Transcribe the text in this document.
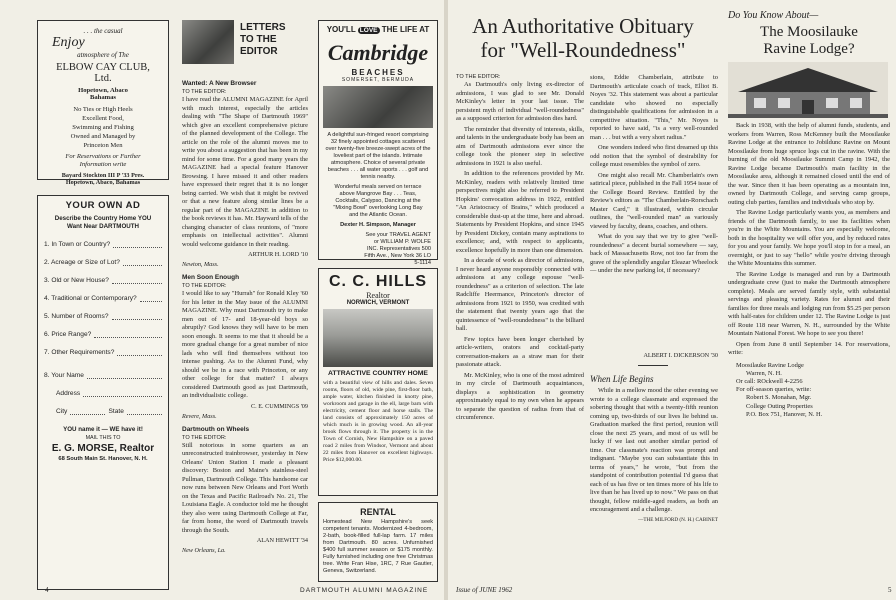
. . . the casual
Enjoy
atmosphere of The
ELBOW CAY CLUB, Ltd.
Hopetown, Abaco
Bahamas
No Ties or High Heels
Excellent Food,
Swimming and Fishing
Owned and Managed by
Princeton Men
For Reservations or Further Information write
Bayard Stockton III P '33 Pres.
Hopetown, Abaco, Bahamas
YOUR OWN AD
Describe the Country Home YOU Want Near DARTMOUTH
1. In Town or Country?
2. Acreage or Size of Lot?
3. Old or New House?
4. Traditional or Contemporary?
5. Number of Rooms?
6. Price Range?
7. Other Requirements?
8. Your Name
Address
City	State
YOU name it — WE have it!
MAIL THIS TO
E. G. MORSE, Realtor
68 South Main St. Hanover, N. H.
LETTERS
TO THE
EDITOR
Wanted: A New Browser
TO THE EDITOR:

I have read the ALUMNI MAGAZINE for April with much interest, especially the articles dealing with "The Shape of Dartmouth 1969" which give an excellent comprehensive picture of the planned development of the College. The article on the role of the alumni moves me to write you about a suggestion that has been in my mind for some time. For a good many years the MAGAZINE had a special feature Hanover Browsing. I have missed it and other readers have expressed their regret that it is no longer being carried. We wish that it might be revived or that a new feature along similar lines be a regular part of the MAGAZINE in addition to the book reviews it has. Mr. Hayward tells of the changing character of class reunions, of "more emphasis on intellectual activities". Alumni would welcome guidance in their reading.

ARTHUR H. LORD '10
Newton, Mass.
Men Soon Enough
TO THE EDITOR:

I would like to say "Hurrah" for Ronald Kley '60 for his letter in the May issue of the ALUMNI MAGAZINE. Why must Dartmouth try to make men out of 17- and 18-year-old boys so abruptly? God knows they will have to be men soon enough. It seems to me that it should be a more gradual change for a great number of nice lads who will find themselves without too intense pushing. As to the Alumni Fund, why should we be in a race with Princeton, or any other college for that matter? I always considered Dartmouth good as just Dartmouth, an individualistic college.

C. E. CUMMINGS '09
Revere, Mass.
Dartmouth on Wheels
TO THE EDITOR:

Still notorious in some quarters as an unreconstructed trainbrowser, yesterday in New Orleans' Union Station I made a pleasant discovery: Boston and Maine's stainless-steel Pullman, Dartmouth College. This handsome car now runs between New Orleans and Fort Worth on the Texas and Pacific Railroad's No. 21, The Louisiana Eagle. A conductor told me he thought they also were using Dartmouth College at Far, far from home, the word of Dartmouth travels through the South.

ALAN HEWITT '34
New Orleans, La.
YOU'LL LOVE THE LIFE AT
Cambridge
BEACHES
SOMERSET, BERMUDA
A delightful sun-fringed resort comprising 32 finely appointed cottages scattered over twenty-five breeze-swept acres of the loveliest part of the islands. Intimate atmosphere. Choice of several private beaches . . . all water sports . . . golf and tennis nearby.
Wonderful meals served on terrace above Mangrove Bay . . . Teas, Cocktails, Calypso, Dancing at the "Mixing Bowl" overlooking Long Bay and the Atlantic Ocean.
Dexter H. Simpson, Manager
See your TRAVEL AGENT or WILLIAM P. WOLFE INC. Representatives 500 Fifth Ave., New York 36 LO 5-1114
C. C. HILLS
Realtor
NORWICH, VERMONT
ATTRACTIVE COUNTRY HOME
with a beautiful view of hills and dales. Seven rooms, floors of old, wide pine, first-floor bath, ample water, kitchen finished in knotty pine, workroom and garage in the ell, large barn with electricity, cement floor and horse stalls. The land consists of approximately 150 acres of which much is in growing wood. An all-year brook flows through it. The property is in the Town of Cornish, New Hampshire on a paved road 2 miles from Windsor, Vermont and about 22 miles from Hanover on excellent highways. Price $12,000.00.
RENTAL
Homestead New Hampshire's seek competent tenants. Modernized 4-bedroom, 2-bath, book-filled full-lap farm. 17 miles from Dartmouth. 80 acres. Unfurnished $400 full summer season or $175 monthly. Fully furnished including one free Christmas tree. Write Fran Hise, 1RC, 7 Rue Gautier, Geneva, Switzerland.
4	DARTMOUTH ALUMNI MAGAZINE
An Authoritative Obituary
for "Well-Roundedness"
TO THE EDITOR:

As Dartmouth's only living ex-director of admissions, I was glad to see Mr. Donald McKinley's letter in your last issue. The persistent myth of individual "well-roundedness" as a supposed criterion for admission dies hard.

The reminder that diversity of interests, skills, and talents in the undergraduate body has been an aim of Dartmouth admissions ever since the college took the pioneer step in selective admissions in 1921 is also useful.

In addition to the references provided by Mr. McKinley, readers with relatively limited time perspectives might also be referred to President Hopkins' convocation address in 1922, entitled "An Aristocracy of Brains," which produced a considerable dust-up at the time, here and abroad. Statements by President Hopkins, and since 1945 by President Dickey, contain many aspirations to excellence; and, with respect to applicants, excellence hopefully in more than one dimension.

In a decade of work as director of admissions, I never heard anyone responsibly connected with admissions at any college espouse "well-roundedness" as a criterion of selection. The late Radcliffe Heermance, Princeton's director of admissions from 1921 to 1950, was credited with the statement that twenty years ago that the quintessence of "well-roundedness" is the billiard ball.

Few topics have been longer cherished by article-writers, orators and cocktail-party conversation-makers as a straw man for their passionate attack.

Mr. McKinley, who is one of the most admired in my circle of Dartmouth acquaintances, displays a sophistication in geometry approximately equal to my own when he appears to separate the question of radius from that of circumference.

sions, Eddie Chamberlain, attribute to Dartmouth's articulate coach of track, Elliot B. Noyes '32. This statement was about a particular candidate who showed no especially distinguishable qualifications for admission in a competitive situation. "This," Mr. Noyes is reported to have said, "is a very well-rounded man . . . but with a very short radius."

One wonders indeed who first dreamed up this odd notion that the symbol of desirability for college must resembles the symbol of zero.

One might also recall Mr. Chamberlain's own satirical piece, published in the Fall 1954 issue of the College Board Review. Entitled by the Review's editors as "The Chamberlain-Rorschach Master Card," it illustrated, within circular outlines, the "well-rounded man" as variously viewed by faculty, deans, coaches, and others.

What do you say that we try to give "well-roundedness" a decent burial somewhere — say, back of Massachusetts Row, not too far from the grave of the splendidly angular Eleazar Wheelock — under the new parking lot, if necessary?

ALBERT I. DICKERSON '30
When Life Begins

While in a mellow mood the other evening we wrote to a college classmate and expressed the sobering thought that with a twenty-fifth reunion coming up, two-thirds of our lives lie behind us. Graduation marked the first period, reunion will close the next 25 years, and most of us will be lucky if we last out another similar period of time. Our classmate's reaction was prompt and indignant. "Maybe you can substantiate this in terms of years," he wrote, "but from the standpoint of contribution potential I'd guess that each of us has five or ten times more of his life to live than he has lived up to now." We pass on that thought, fellow middle-aged readers, as both an encouragement and a challenge.

—THE MILFORD (N. H.) CABINET
Issue of JUNE 1962
Do You Know About—
The Moosilauke
Ravine Lodge?

Back in 1938, with the help of alumni funds, students, and workers from Warren, Ross McKenney built the Moosilauke Ravine Lodge at the entrance to Jobildunc Ravine on Mount Moosilauke from huge spruce logs cut in the ravine. With the burning of the old Moosilauke Summit Camp in 1942, the Ravine Lodge became Dartmouth's main facility in the Moosilauke area, although it remained closed until the end of the war. Since then it has been operating as a mountain inn, owned by Dartmouth College, and serving camp groups, outing club parties, families and individuals who stop by.

The Ravine Lodge particularly wants you, as members and friends of the Dartmouth family, to use its facilities when you're in the White Mountains. You are especially welcome, both in the hospitality we will offer you, and by reduced rates for you and your family. We hope you'll stop in for a meal, an overnight, or just to say "hello" while you're driving through the White Mountains this summer.

The Ravine Lodge is managed and run by a Dartmouth undergraduate crew (just to make the Dartmouth atmosphere complete). Meals are served family style, with substantial servings and pleasing variety. Rates for alumni and their families for three meals and lodging run from $5.25 per person with half-rates for children under 12. The Ravine Lodge is just off Route 118 near Warren, N. H., surrounded by the White Mountain National Forest. We hope to see you there!

Open from June 8 until September 14. For reservations, write:

Moosilauke Ravine Lodge
Warren, N. H.
Or call: ROckwell 4-2256
For off-season queries, write:
Robert S. Monahan, Mgr.
College Outing Properties
P.O. Box 751, Hanover, N. H.
5
